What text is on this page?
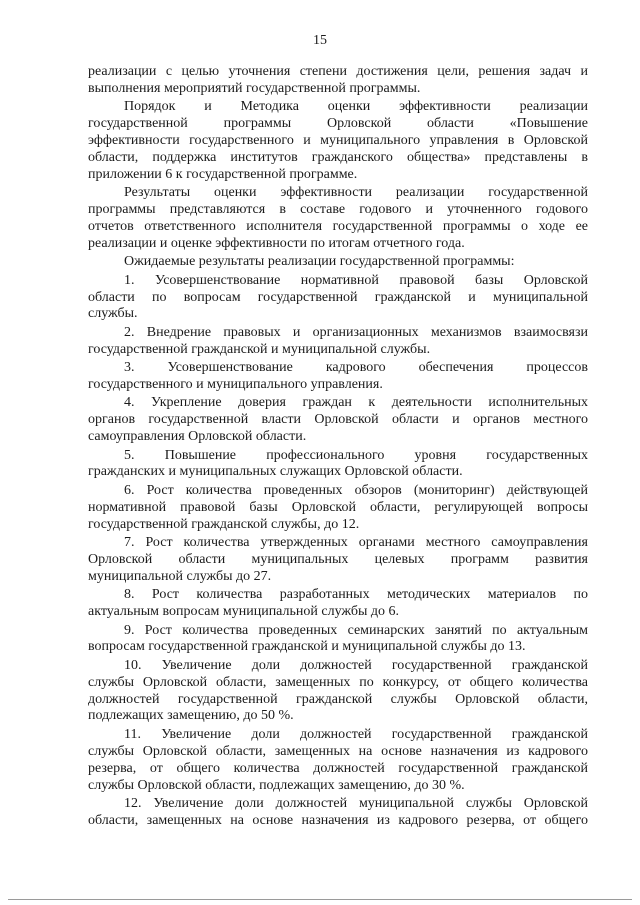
15
реализации с целью уточнения степени достижения цели, решения задач и
выполнения мероприятий государственной программы.
Порядок и Методика оценки эффективности реализации
государственной программы Орловской области «Повышение
эффективности государственного и муниципального управления в Орловской
области, поддержка институтов гражданского общества» представлены в
приложении 6 к государственной программе.
Результаты оценки эффективности реализации государственной
программы представляются в составе годового и уточненного годового
отчетов ответственного исполнителя государственной программы о ходе ее
реализации и оценке эффективности по итогам отчетного года.
Ожидаемые результаты реализации государственной программы:
1. Усовершенствование нормативной правовой базы Орловской
области по вопросам государственной гражданской и муниципальной
службы.
2. Внедрение правовых и организационных механизмов взаимосвязи
государственной гражданской и муниципальной службы.
3. Усовершенствование кадрового обеспечения процессов
государственного и муниципального управления.
4. Укрепление доверия граждан к деятельности исполнительных
органов государственной власти Орловской области и органов местного
самоуправления Орловской области.
5. Повышение профессионального уровня государственных
гражданских и муниципальных служащих Орловской области.
6. Рост количества проведенных обзоров (мониторинг) действующей
нормативной правовой базы Орловской области, регулирующей вопросы
государственной гражданской службы, до 12.
7. Рост количества утвержденных органами местного самоуправления
Орловской области муниципальных целевых программ развития
муниципальной службы до 27.
8. Рост количества разработанных методических материалов по
актуальным вопросам муниципальной службы до 6.
9. Рост количества проведенных семинарских занятий по актуальным
вопросам государственной гражданской и муниципальной службы до 13.
10. Увеличение доли должностей государственной гражданской
службы Орловской области, замещенных по конкурсу, от общего количества
должностей государственной гражданской службы Орловской области,
подлежащих замещению, до 50 %.
11. Увеличение доли должностей государственной гражданской
службы Орловской области, замещенных на основе назначения из кадрового
резерва, от общего количества должностей государственной гражданской
службы Орловской области, подлежащих замещению, до 30 %.
12. Увеличение доли должностей муниципальной службы Орловской
области, замещенных на основе назначения из кадрового резерва, от общего
